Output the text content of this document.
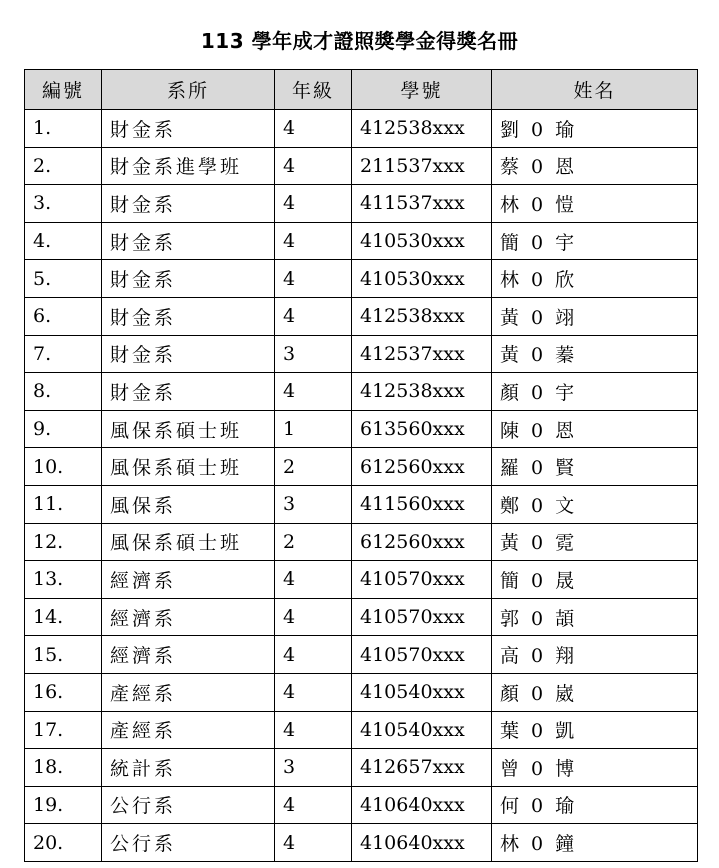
113 學年成才證照獎學金得獎名冊
編號	系所	年級	學號	姓名
1.	財金系	4	412538xxx	劉 0 瑜
2.	財金系進學班	4	211537xxx	蔡 0 恩
3.	財金系	4	411537xxx	林 0 愷
4.	財金系	4	410530xxx	簡 0 宇
5.	財金系	4	410530xxx	林 0 欣
6.	財金系	4	412538xxx	黃 0 翊
7.	財金系	3	412537xxx	黃 0 蓁
8.	財金系	4	412538xxx	顏 0 宇
9.	風保系碩士班	1	613560xxx	陳 0 恩
10.	風保系碩士班	2	612560xxx	羅 0 賢
11.	風保系	3	411560xxx	鄭 0 文
12.	風保系碩士班	2	612560xxx	黃 0 霓
13.	經濟系	4	410570xxx	簡 0 晟
14.	經濟系	4	410570xxx	郭 0 頡
15.	經濟系	4	410570xxx	高 0 翔
16.	產經系	4	410540xxx	顏 0 崴
17.	產經系	4	410540xxx	葉 0 凱
18.	統計系	3	412657xxx	曾 0 博
19.	公行系	4	410640xxx	何 0 瑜
20.	公行系	4	410640xxx	林 0 鐘
